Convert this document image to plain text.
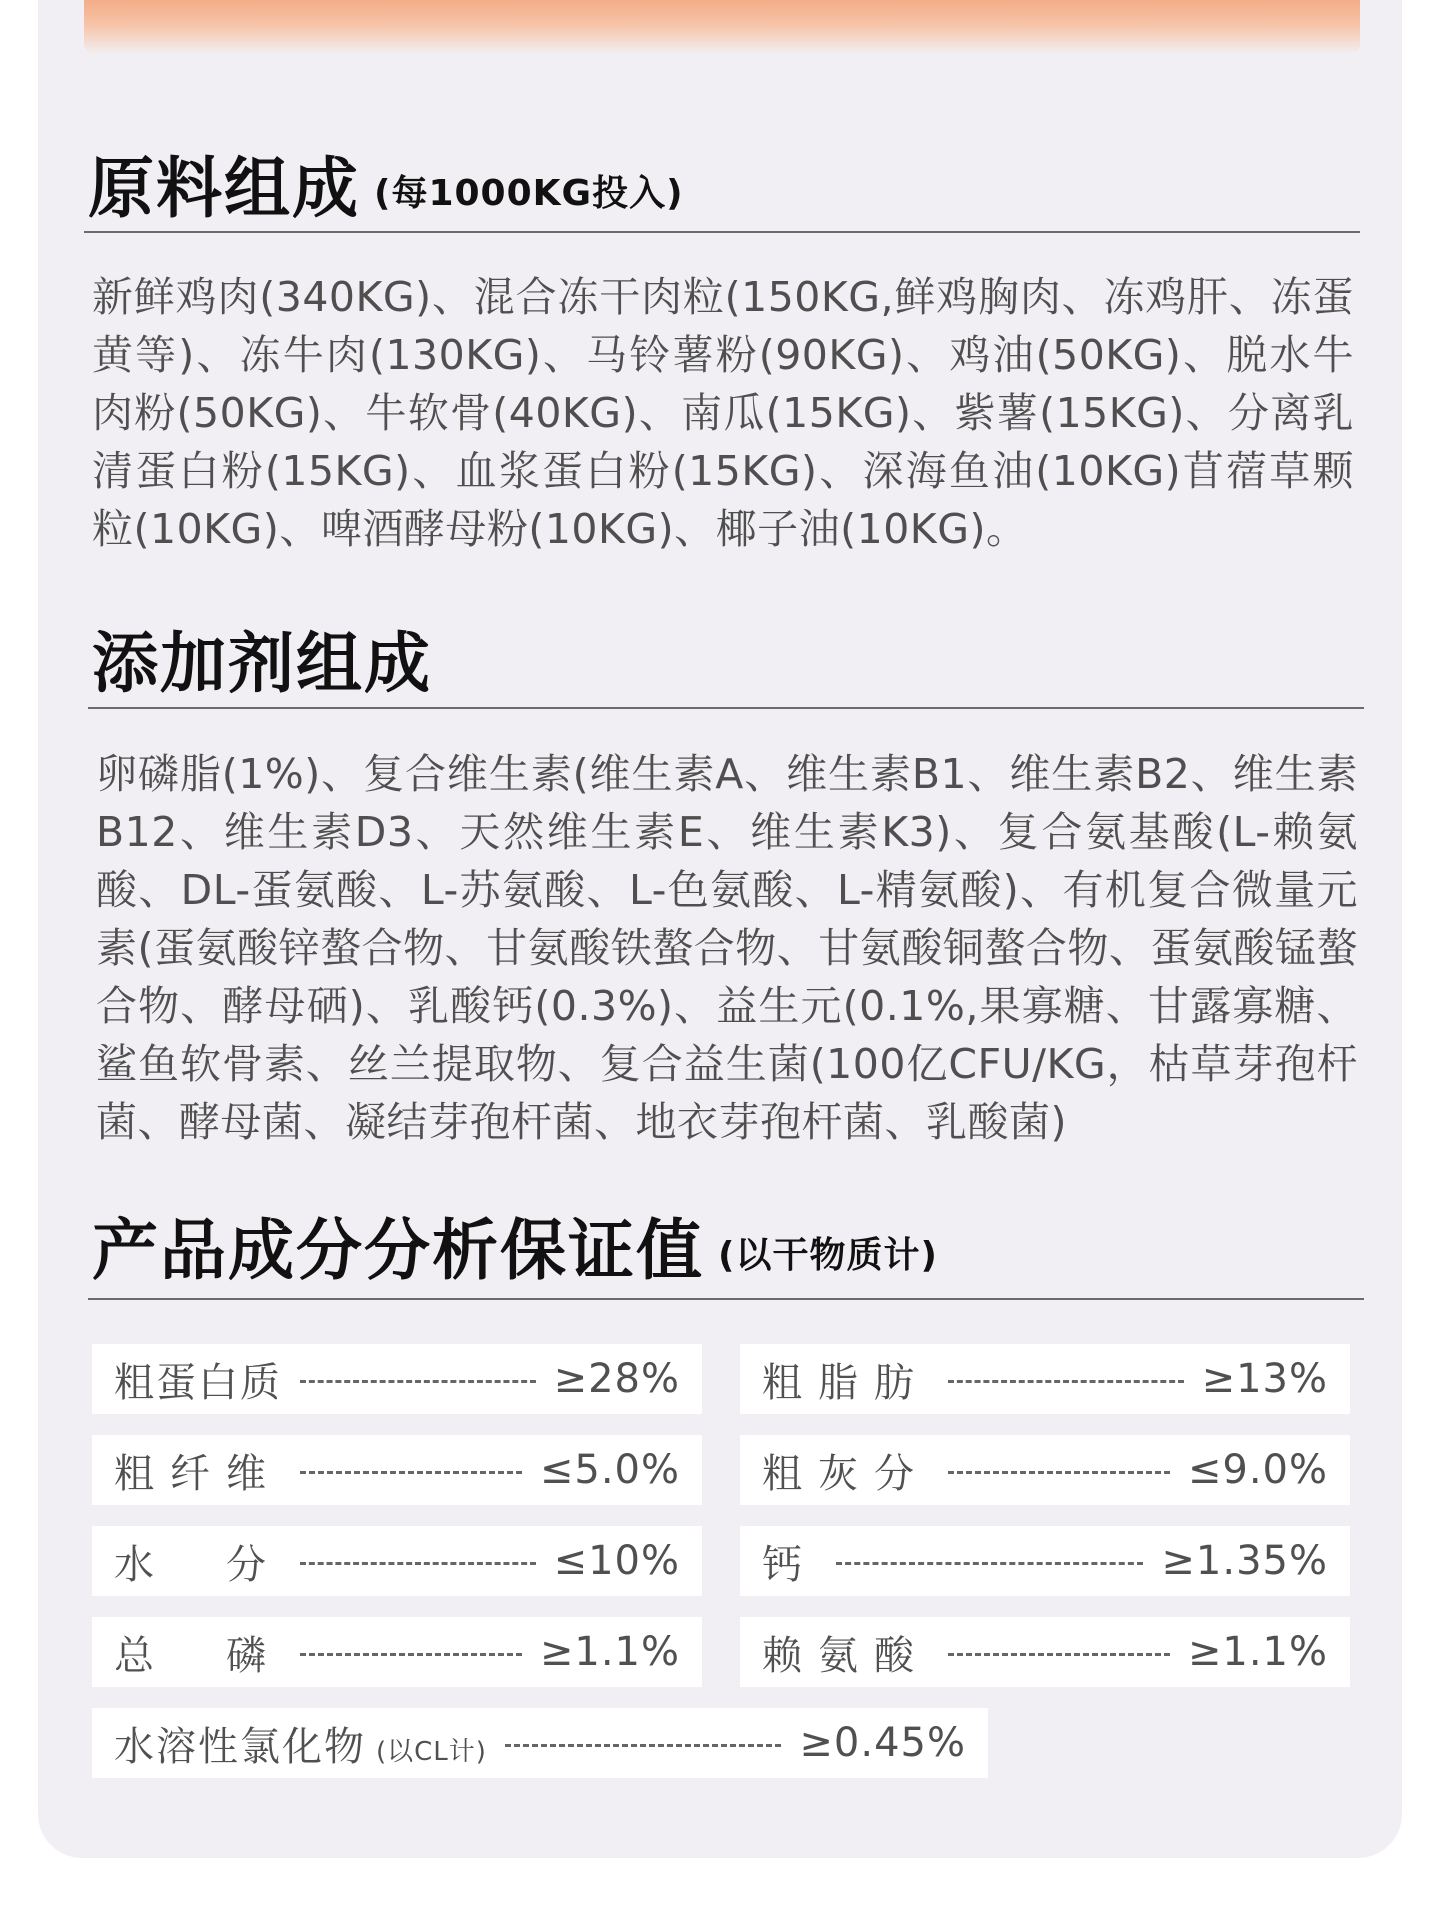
原料组成 (每1000KG投入)

新鲜鸡肉(340KG)、混合冻干肉粒(150KG,鲜鸡胸肉、冻鸡肝、冻蛋黄等)、冻牛肉(130KG)、马铃薯粉(90KG)、鸡油(50KG)、脱水牛肉粉(50KG)、牛软骨(40KG)、南瓜(15KG)、紫薯(15KG)、分离乳清蛋白粉(15KG)、血浆蛋白粉(15KG)、深海鱼油(10KG)苜蓿草颗粒(10KG)、啤酒酵母粉(10KG)、椰子油(10KG)。

添加剂组成

卵磷脂(1%)、复合维生素(维生素A、维生素B1、维生素B2、维生素B12、维生素D3、天然维生素E、维生素K3)、复合氨基酸(L-赖氨酸、DL-蛋氨酸、L-苏氨酸、L-色氨酸、L-精氨酸)、有机复合微量元素(蛋氨酸锌螯合物、甘氨酸铁螯合物、甘氨酸铜螯合物、蛋氨酸锰螯合物、酵母硒)、乳酸钙(0.3%)、益生元(0.1%,果寡糖、甘露寡糖、鲨鱼软骨素、丝兰提取物、复合益生菌(100亿CFU/KG，枯草芽孢杆菌、酵母菌、凝结芽孢杆菌、地衣芽孢杆菌、乳酸菌)

产品成分分析保证值 (以干物质计)
粗蛋白质	≥28% 粗脂肪	≥13%
粗纤维	≤5.0% 粗灰分	≤9.0%
水　分	≤10% 钙	≥1.35%
总　磷	≥1.1% 赖氨酸	≥1.1%
水溶性氯化物 (以CL计)	≥0.45%
